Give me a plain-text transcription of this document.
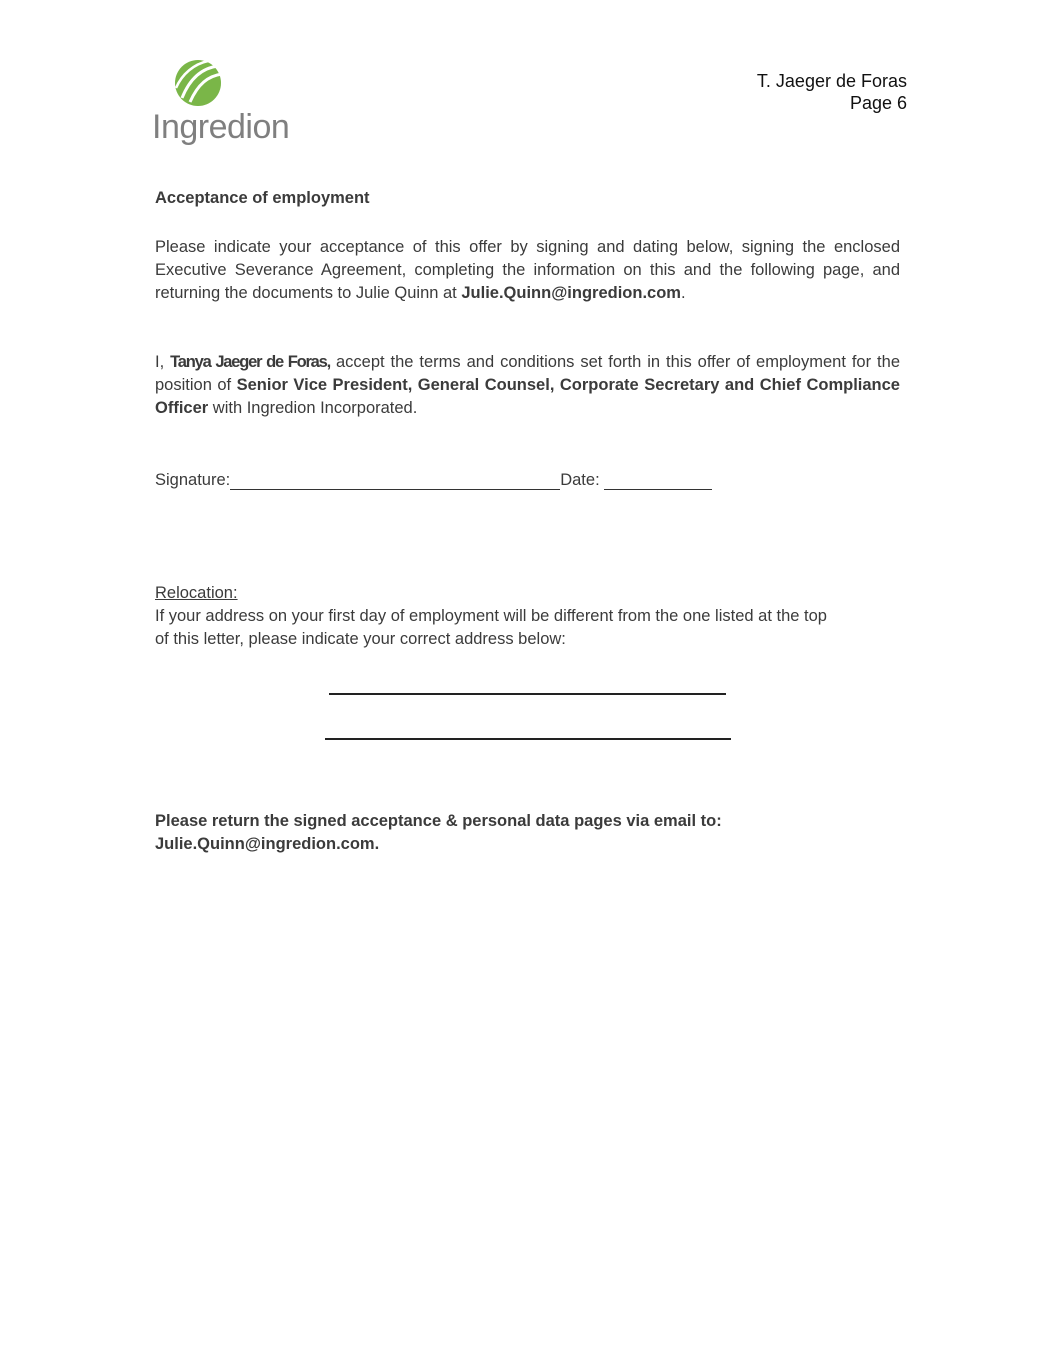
Ingredion
T. Jaeger de Foras
Page 6
Acceptance of employment
Please indicate your acceptance of this offer by signing and dating below, signing the enclosed Executive Severance Agreement, completing the information on this and the following page, and returning the documents to Julie Quinn at Julie.Quinn@ingredion.com.
I, Tanya Jaeger de Foras, accept the terms and conditions set forth in this offer of employment for the position of Senior Vice President, General Counsel, Corporate Secretary and Chief Compliance Officer with Ingredion Incorporated.
Signature:	Date:
Relocation:
If your address on your first day of employment will be different from the one listed at the top of this letter, please indicate your correct address below:
Please return the signed acceptance & personal data pages via email to:
Julie.Quinn@ingredion.com.
